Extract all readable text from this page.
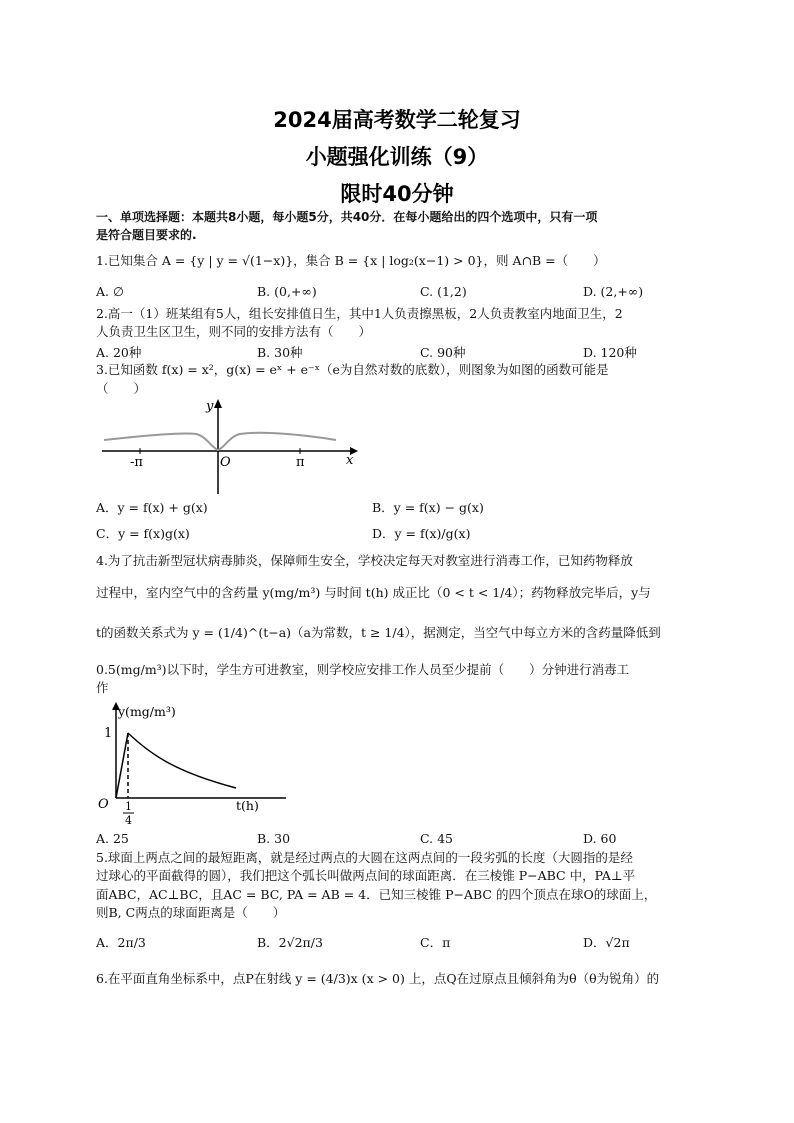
2024届高考数学二轮复习
小题强化训练（9）
限时40分钟
一、单项选择题：本题共8小题，每小题5分，共40分．在每小题给出的四个选项中，只有一项
是符合题目要求的.
1.已知集合 A = {y | y = √(1−x)}，集合 B = {x | log₂(x−1) > 0}，则 A∩B =（　　）
A. ∅	B. (0,+∞)	C. (1,2)	D. (2,+∞)
2.高一（1）班某组有5人，组长安排值日生，其中1人负责擦黑板，2人负责教室内地面卫生，2
人负责卫生区卫生，则不同的安排方法有（　　）
A. 20种	B. 30种	C. 90种	D. 120种
3.已知函数 f(x) = x²，g(x) = eˣ + e⁻ˣ（e为自然对数的底数），则图象为如图的函数可能是
（　　）
-π	π
O	x
y
A．y = f(x) + g(x)	B．y = f(x) − g(x)
C．y = f(x)g(x)	D．y = f(x)/g(x)
4.为了抗击新型冠状病毒肺炎，保障师生安全，学校决定每天对教室进行消毒工作，已知药物释放
过程中，室内空气中的含药量 y(mg/m³) 与时间 t(h) 成正比（0 < t < 1/4）；药物释放完毕后，y与
t的函数关系式为 y = (1/4)^(t−a)（a为常数，t ≥ 1/4），据测定，当空气中每立方米的含药量降低到
0.5(mg/m³)以下时，学生方可进教室，则学校应安排工作人员至少提前（　　）分钟进行消毒工
作
y(mg/m³)
t(h)
1
O 1
4
A. 25	B. 30	C. 45	D. 60
5.球面上两点之间的最短距离，就是经过两点的大圆在这两点间的一段劣弧的长度（大圆指的是经
过球心的平面截得的圆），我们把这个弧长叫做两点间的球面距离．在三棱锥 P−ABC 中，PA⊥平
面ABC，AC⊥BC，且AC = BC, PA = AB = 4．已知三棱锥 P−ABC 的四个顶点在球O的球面上，
则B, C两点的球面距离是（　　）
A．2π/3	B．2√2π/3	C．π	D．√2π
6.在平面直角坐标系中，点P在射线 y = (4/3)x (x > 0) 上，点Q在过原点且倾斜角为θ（θ为锐角）的
